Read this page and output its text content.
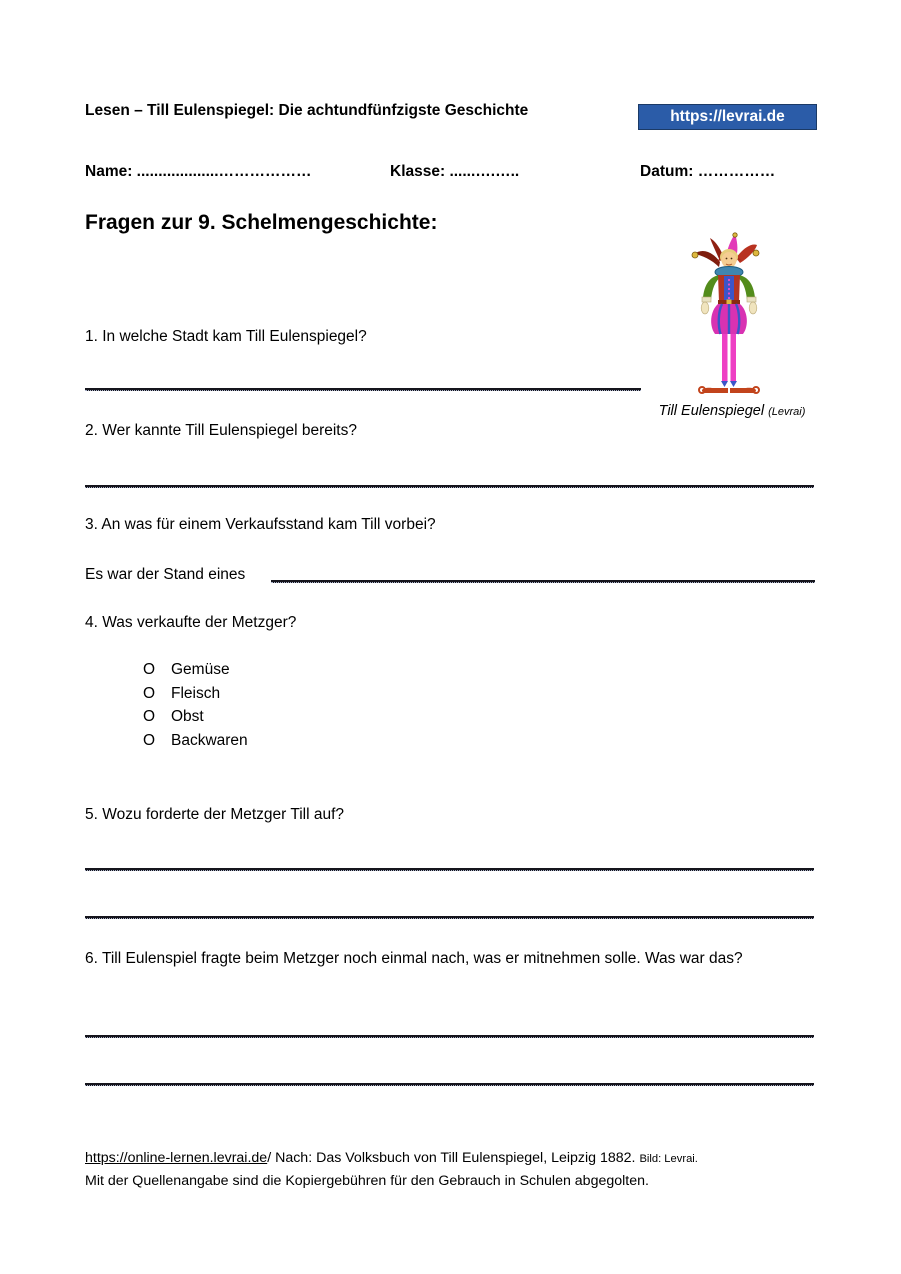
Lesen – Till Eulenspiegel: Die achtundfünfzigste Geschichte	https://levrai.de
Name: ...................………………	Klasse: ......….…..	Datum: ……………
Fragen zur 9. Schelmengeschichte:
Till Eulenspiegel (Levrai)
1. In welche Stadt kam Till Eulenspiegel?
2. Wer kannte Till Eulenspiegel bereits?
3. An was für einem Verkaufsstand kam Till vorbei?
Es war der Stand eines
4. Was verkaufte der Metzger?
O	Gemüse
O	Fleisch
O	Obst
O	Backwaren
5. Wozu forderte der Metzger Till auf?
6. Till Eulenspiel fragte beim Metzger noch einmal nach, was er mitnehmen solle. Was war das?
https://online-lernen.levrai.de/ Nach: Das Volksbuch von Till Eulenspiegel, Leipzig 1882. Bild: Levrai.
Mit der Quellenangabe sind die Kopiergebühren für den Gebrauch in Schulen abgegolten.
